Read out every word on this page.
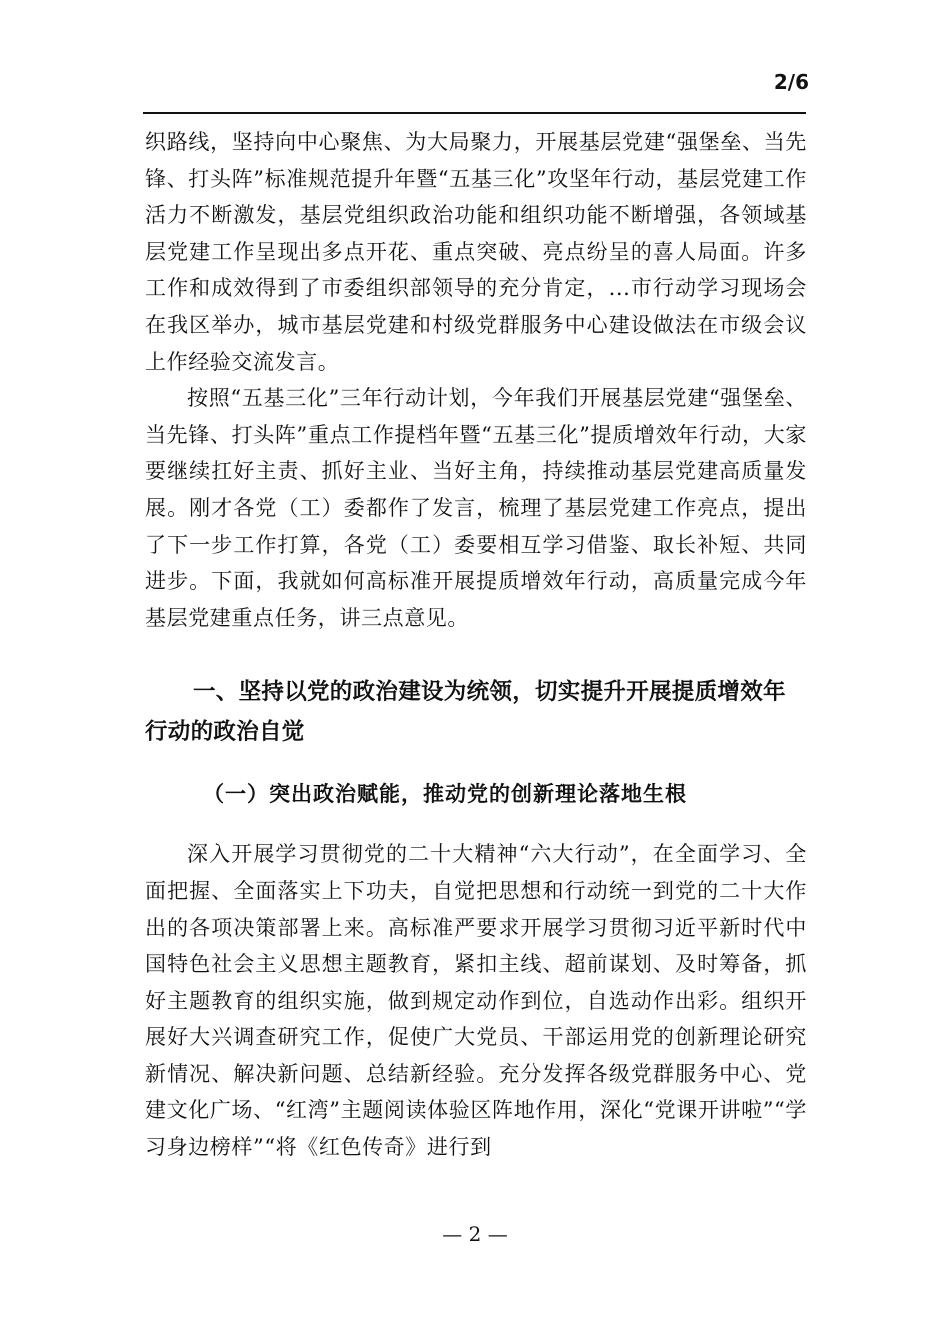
2/6

织路线，坚持向中心聚焦、为大局聚力，开展基层党建“强堡垒、当先锋、打头阵”标准规范提升年暨“五基三化”攻坚年行动，基层党建工作活力不断激发，基层党组织政治功能和组织功能不断增强，各领域基层党建工作呈现出多点开花、重点突破、亮点纷呈的喜人局面。许多工作和成效得到了市委组织部领导的充分肯定，...市行动学习现场会在我区举办，城市基层党建和村级党群服务中心建设做法在市级会议上作经验交流发言。

按照“五基三化”三年行动计划，今年我们开展基层党建“强堡垒、当先锋、打头阵”重点工作提档年暨“五基三化”提质增效年行动，大家要继续扛好主责、抓好主业、当好主角，持续推动基层党建高质量发展。刚才各党（工）委都作了发言，梳理了基层党建工作亮点，提出了下一步工作打算，各党（工）委要相互学习借鉴、取长补短、共同进步。下面，我就如何高标准开展提质增效年行动，高质量完成今年基层党建重点任务，讲三点意见。

一、坚持以党的政治建设为统领，切实提升开展提质增效年行动的政治自觉
（一）突出政治赋能，推动党的创新理论落地生根

深入开展学习贯彻党的二十大精神“六大行动”，在全面学习、全面把握、全面落实上下功夫，自觉把思想和行动统一到党的二十大作出的各项决策部署上来。高标准严要求开展学习贯彻习近平新时代中国特色社会主义思想主题教育，紧扣主线、超前谋划、及时筹备，抓好主题教育的组织实施，做到规定动作到位，自选动作出彩。组织开展好大兴调查研究工作，促使广大党员、干部运用党的创新理论研究新情况、解决新问题、总结新经验。充分发挥各级党群服务中心、党建文化广场、“红湾”主题阅读体验区阵地作用，深化“党课开讲啦”“学习身边榜样”“将《红色传奇》进行到

— 2 —
